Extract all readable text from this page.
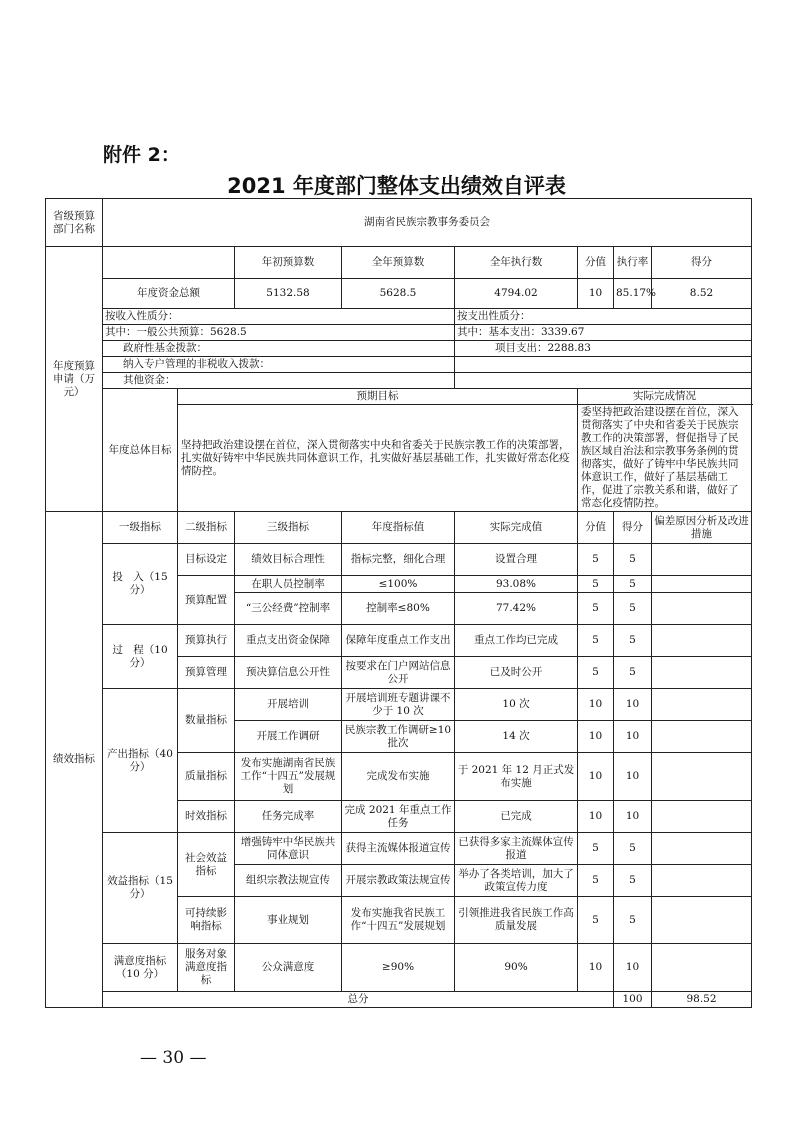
附件 2：
2021 年度部门整体支出绩效自评表
省级预算部门名称	湖南省民族宗教事务委员会								
年度预算申请（万元）			年初预算数	全年预算数	全年执行数	分值	执行率	得分	
	年度资金总额		5132.58	5628.5	4794.02	10	85.17%	8.52	
	按收入性质分：				按支出性质分：				
	其中：一般公共预算：5628.5				其中：基本支出：3339.67				
	政府性基金拨款：				项目支出：2288.83				
	纳入专户管理的非税收入拨款：								
	其他资金：								
	年度总体目标	预期目标				实际完成情况			
		坚持把政治建设摆在首位，深入贯彻落实中央和省委关于民族宗教工作的决策部署，扎实做好铸牢中华民族共同体意识工作，扎实做好基层基础工作，扎实做好常态化疫情防控。				委坚持把政治建设摆在首位，深入贯彻落实了中央和省委关于民族宗教工作的决策部署，督促指导了民族区域自治法和宗教事务条例的贯彻落实，做好了铸牢中华民族共同体意识工作，做好了基层基础工作，促进了宗教关系和谐，做好了常态化疫情防控。			
绩效指标	一级指标	二级指标	三级指标	年度指标值	实际完成值	分值	得分	偏差原因分析及改进措施	
	投　入（15 分）	目标设定	绩效目标合理性	指标完整，细化合理	设置合理	5	5		
		预算配置	在职人员控制率	≤100%	93.08%	5	5		
			“三公经费”控制率	控制率≤80%	77.42%	5	5		
	过　程（10 分）	预算执行	重点支出资金保障	保障年度重点工作支出	重点工作均已完成	5	5		
		预算管理	预决算信息公开性	按要求在门户网站信息公开	已及时公开	5	5		
	产出指标（40 分）	数量指标	开展培训	开展培训班专题讲课不少于 10 次	10 次	10	10		
			开展工作调研	民族宗教工作调研≥10 批次	14 次	10	10		
		质量指标	发布实施湖南省民族工作“十四五”发展规划	完成发布实施	于 2021 年 12 月正式发布实施	10	10		
		时效指标	任务完成率	完成 2021 年重点工作任务	已完成	10	10		
	效益指标（15 分）	社会效益指标	增强铸牢中华民族共同体意识	获得主流媒体报道宣传	已获得多家主流媒体宣传报道	5	5		
			组织宗教法规宣传	开展宗教政策法规宣传	举办了各类培训，加大了政策宣传力度	5	5		
		可持续影响指标	事业规划	发布实施我省民族工作“十四五”发展规划	引领推进我省民族工作高质量发展	5	5		
	满意度指标（10 分）	服务对象满意度指标	公众满意度	≥90%	90%	10	10		
	总分						100	98.52	
— 30 —
